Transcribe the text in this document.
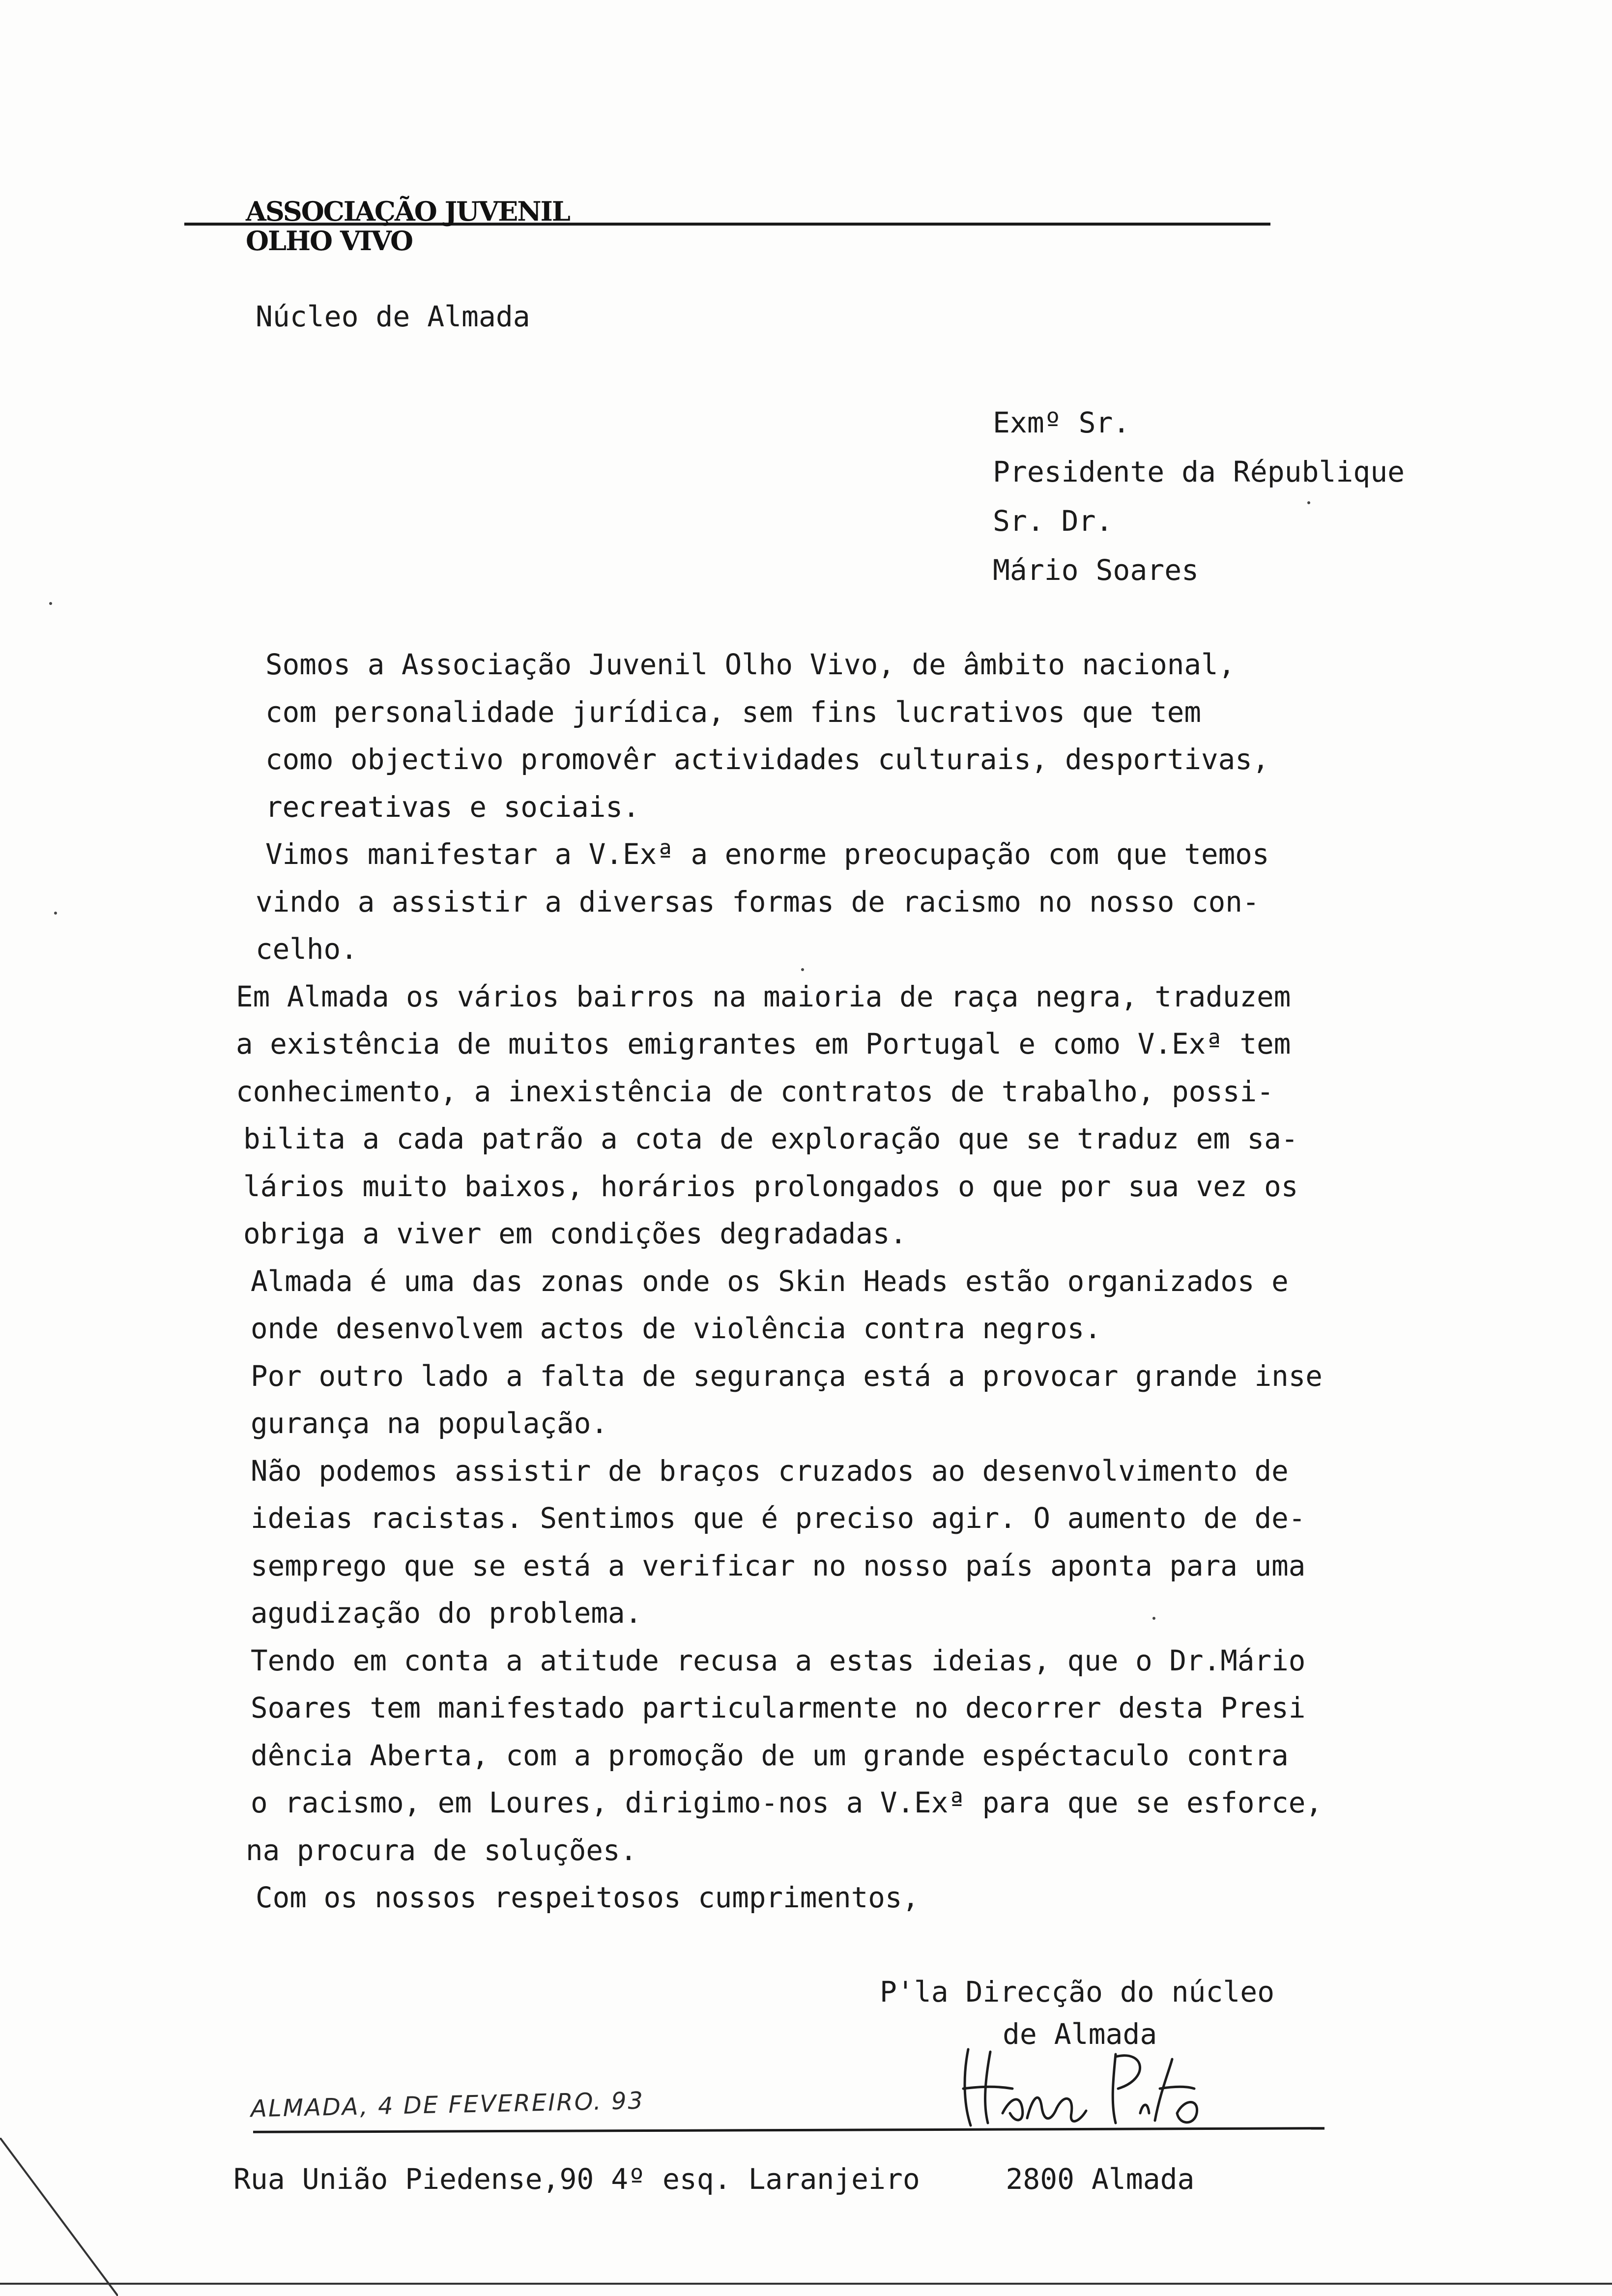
ASSOCIAÇÃO JUVENIL
OLHO VIVO
Núcleo de Almada
Exmº Sr.
Presidente da République
Sr. Dr.
Mário Soares
Somos a Associação Juvenil Olho Vivo, de âmbito nacional,
com personalidade jurídica, sem fins lucrativos que tem
como objectivo promovêr actividades culturais, desportivas,
recreativas e sociais.
Vimos manifestar a V.Exª a enorme preocupação com que temos
vindo a assistir a diversas formas de racismo no nosso con-
celho.
Em Almada os vários bairros na maioria de raça negra, traduzem
a existência de muitos emigrantes em Portugal e como V.Exª tem
conhecimento, a inexistência de contratos de trabalho, possi-
bilita a cada patrão a cota de exploração que se traduz em sa-
lários muito baixos, horários prolongados o que por sua vez os
obriga a viver em condições degradadas.
Almada é uma das zonas onde os Skin Heads estão organizados e
onde desenvolvem actos de violência contra negros.
Por outro lado a falta de segurança está a provocar grande inse
gurança na população.
Não podemos assistir de braços cruzados ao desenvolvimento de
ideias racistas. Sentimos que é preciso agir. O aumento de de-
semprego que se está a verificar no nosso país aponta para uma
agudização do problema.
Tendo em conta a atitude recusa a estas ideias, que o Dr.Mário
Soares tem manifestado particularmente no decorrer desta Presi
dência Aberta, com a promoção de um grande espéctaculo contra
o racismo, em Loures, dirigimo-nos a V.Exª para que se esforce,
na procura de soluções.
Com os nossos respeitosos cumprimentos,
P'la Direcção do núcleo
de Almada
ALMADA, 4 DE FEVEREIRO. 93
Rua União Piedense,90 4º esq. Laranjeiro     2800 Almada
